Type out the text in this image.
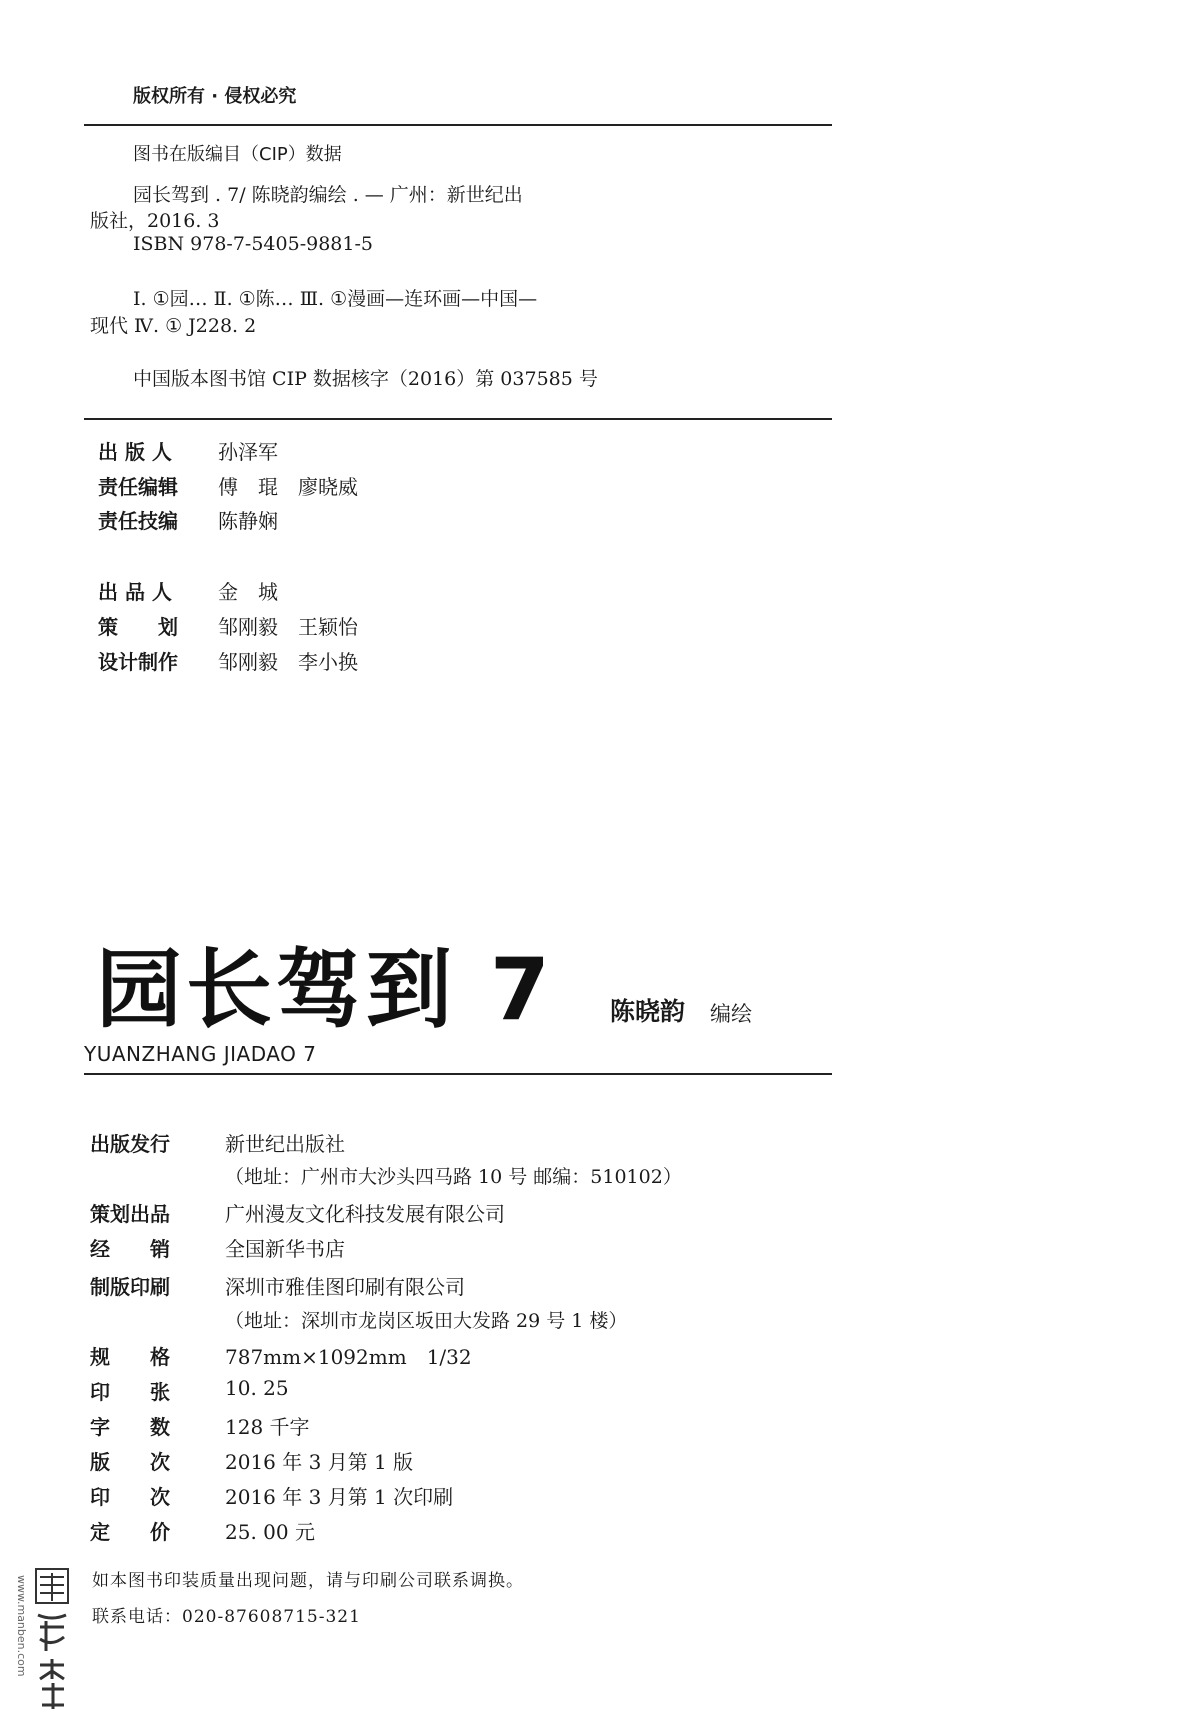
版权所有 · 侵权必究
图书在版编目（CIP）数据
园长驾到 . 7/ 陈晓韵编绘 . — 广州：新世纪出
版社，2016. 3
ISBN 978-7-5405-9881-5
Ⅰ. ①园… Ⅱ. ①陈… Ⅲ. ①漫画—连环画—中国—
现代 Ⅳ. ① J228. 2
中国版本图书馆 CIP 数据核字（2016）第 037585 号
出 版 人	孙泽军
责任编辑	傅　琨　廖晓威
责任技编	陈静娴
出 品 人	金　城
策　　划	邹刚毅　王颖怡
设计制作	邹刚毅　李小换
园长驾到 7 陈晓韵 编绘
YUANZHANG JIADAO 7
出版发行	新世纪出版社
（地址：广州市大沙头四马路 10 号 邮编：510102）
策划出品	广州漫友文化科技发展有限公司
经　　销	全国新华书店
制版印刷	深圳市雅佳图印刷有限公司
（地址：深圳市龙岗区坂田大发路 29 号 1 楼）
规　　格	787mm×1092mm　1/32
印　　张	10. 25
字　　数	128 千字
版　　次	2016 年 3 月第 1 版
印　　次	2016 年 3 月第 1 次印刷
定　　价	25. 00 元
如本图书印装质量出现问题，请与印刷公司联系调换。
联系电话：020-87608715-321
www.manben.com
